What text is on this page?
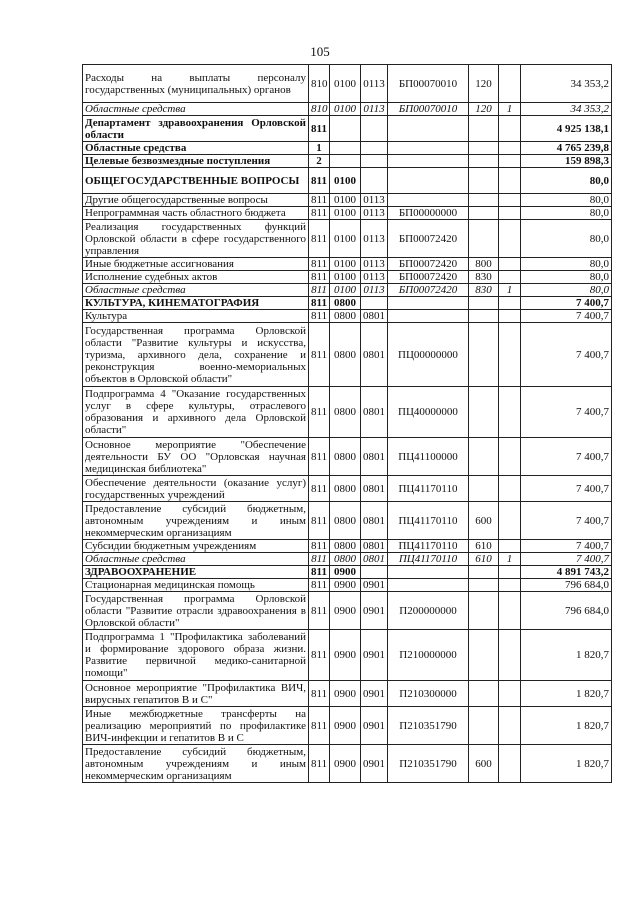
105
Расходы на выплаты персоналу государственных (муниципальных) органов	810	0100	0113	БП00070010	120		34 353,2
Областные средства	810	0100	0113	БП00070010	120	1	34 353,2
Департамент здравоохранения Орловской области	811						4 925 138,1
Областные средства	1						4 765 239,8
Целевые безвозмездные поступления	2						159 898,3
ОБЩЕГОСУДАРСТВЕННЫЕ ВОПРОСЫ	811	0100					80,0
Другие общегосударственные вопросы	811	0100	0113				80,0
Непрограммная часть областного бюджета	811	0100	0113	БП00000000			80,0
Реализация государственных функций Орловской области в сфере государственного управления	811	0100	0113	БП00072420			80,0
Иные бюджетные ассигнования	811	0100	0113	БП00072420	800		80,0
Исполнение судебных актов	811	0100	0113	БП00072420	830		80,0
Областные средства	811	0100	0113	БП00072420	830	1	80,0
КУЛЬТУРА, КИНЕМАТОГРАФИЯ	811	0800					7 400,7
Культура	811	0800	0801				7 400,7
Государственная программа Орловской области "Развитие культуры и искусства, туризма, архивного дела, сохранение и реконструкция военно-мемориальных объектов в Орловской области"	811	0800	0801	ПЦ00000000			7 400,7
Подпрограмма 4 "Оказание государственных услуг в сфере культуры, отраслевого образования и архивного дела Орловской области"	811	0800	0801	ПЦ40000000			7 400,7
Основное мероприятие "Обеспечение деятельности БУ ОО "Орловская научная медицинская библиотека"	811	0800	0801	ПЦ41100000			7 400,7
Обеспечение деятельности (оказание услуг) государственных учреждений	811	0800	0801	ПЦ41170110			7 400,7
Предоставление субсидий бюджетным, автономным учреждениям и иным некоммерческим организациям	811	0800	0801	ПЦ41170110	600		7 400,7
Субсидии бюджетным учреждениям	811	0800	0801	ПЦ41170110	610		7 400,7
Областные средства	811	0800	0801	ПЦ41170110	610	1	7 400,7
ЗДРАВООХРАНЕНИЕ	811	0900					4 891 743,2
Стационарная медицинская помощь	811	0900	0901				796 684,0
Государственная программа Орловской области "Развитие отрасли здравоохранения в Орловской области"	811	0900	0901	П200000000			796 684,0
Подпрограмма 1 "Профилактика заболеваний и формирование здорового образа жизни. Развитие первичной медико-санитарной помощи"	811	0900	0901	П210000000			1 820,7
Основное мероприятие "Профилактика ВИЧ, вирусных гепатитов В и С"	811	0900	0901	П210300000			1 820,7
Иные межбюджетные трансферты на реализацию мероприятий по профилактике ВИЧ-инфекции и гепатитов В и С	811	0900	0901	П210351790			1 820,7
Предоставление субсидий бюджетным, автономным учреждениям и иным некоммерческим организациям	811	0900	0901	П210351790	600		1 820,7
